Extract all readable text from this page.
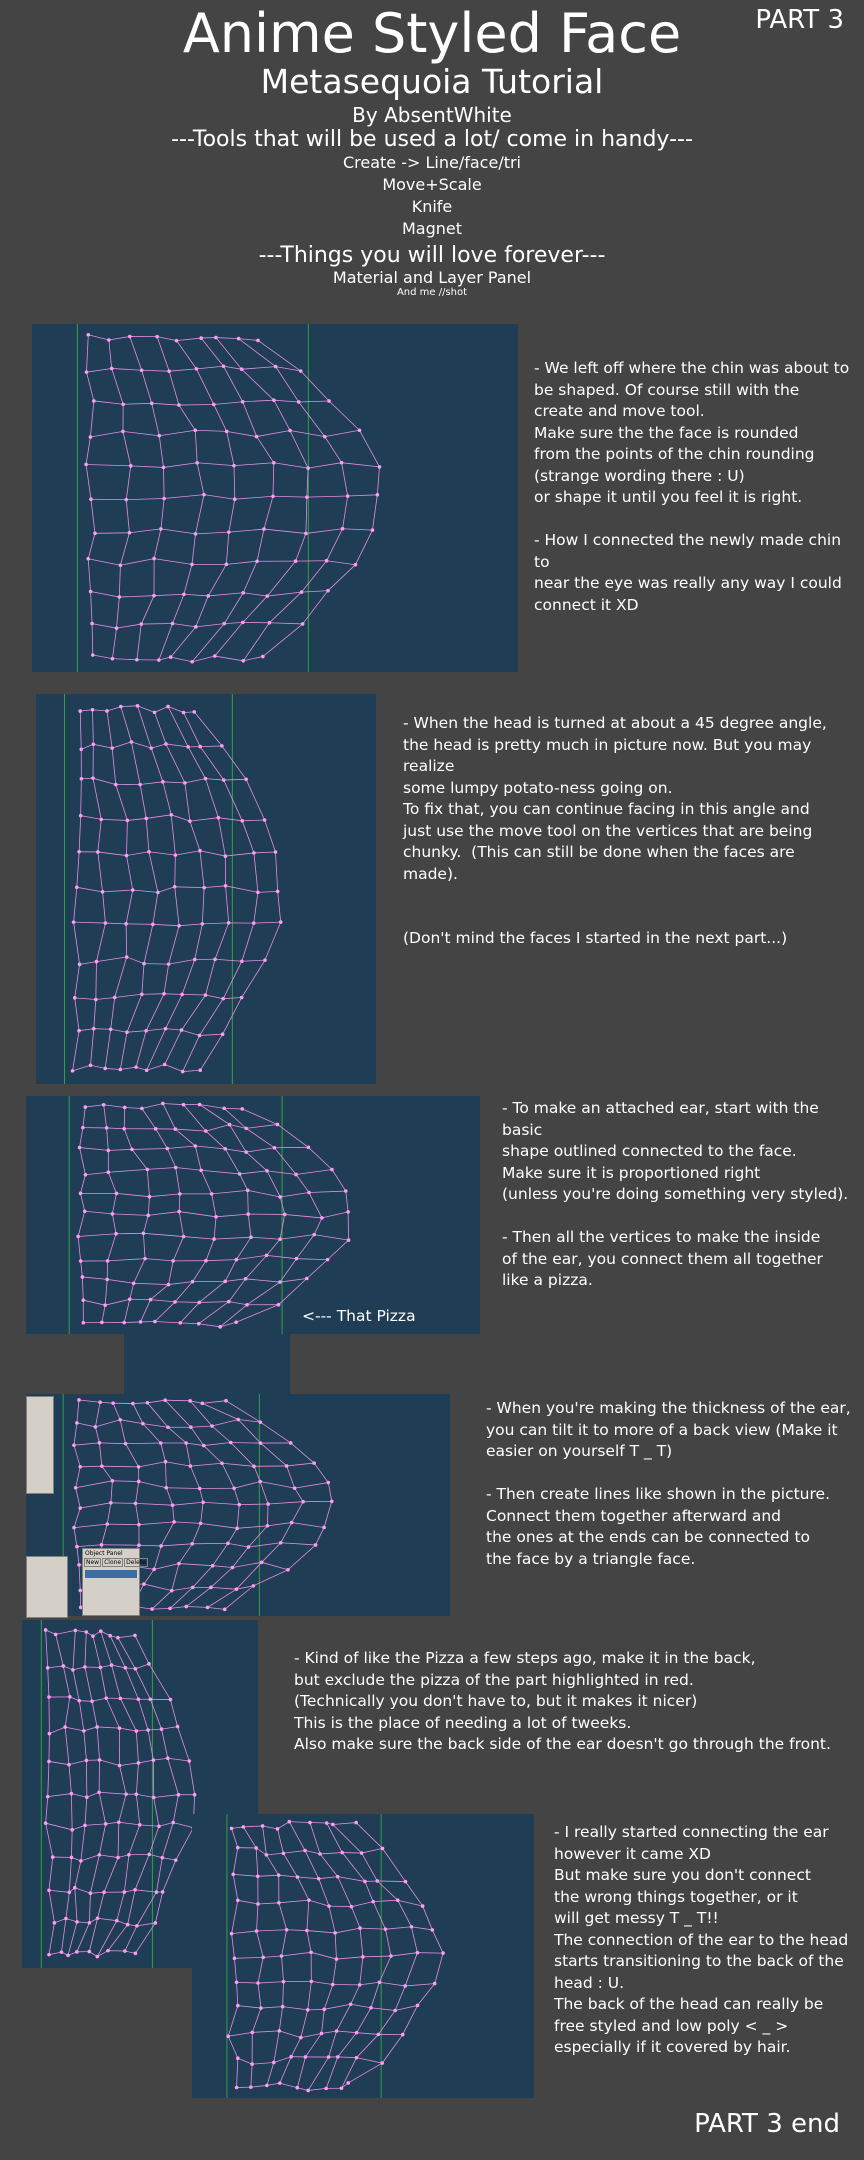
Anime Styled Face	PART 3
Metasequoia Tutorial
By AbsentWhite
---Tools that will be used a lot/ come in handy---
Create -> Line/face/tri
Move+Scale
Knife
Magnet
---Things you will love forever---
Material and Layer Panel
And me //shot
- We left off where the chin was about to
be shaped. Of course still with the
create and move tool.
Make sure the the face is rounded
from the points of the chin rounding
(strange wording there : U)
or shape it until you feel it is right.

- How I connected the newly made chin to
near the eye was really any way I could
connect it XD
- When the head is turned at about a 45 degree angle,
the head is pretty much in picture now. But you may realize
some lumpy potato-ness going on.
To fix that, you can continue facing in this angle and
just use the move tool on the vertices that are being
chunky.  (This can still be done when the faces are
made).

(Don't mind the faces I started in the next part...)
<--- That Pizza
- To make an attached ear, start with the basic
shape outlined connected to the face.
Make sure it is proportioned right
(unless you're doing something very styled).

- Then all the vertices to make the inside
of the ear, you connect them all together
like a pizza.
Object Panel
New Clone Delete
- When you're making the thickness of the ear,
you can tilt it to more of a back view (Make it
easier on yourself T _ T)

- Then create lines like shown in the picture.
Connect them together afterward and
the ones at the ends can be connected to
the face by a triangle face.
- Kind of like the Pizza a few steps ago, make it in the back,
but exclude the pizza of the part highlighted in red.
(Technically you don't have to, but it makes it nicer)
This is the place of needing a lot of tweeks.
Also make sure the back side of the ear doesn't go through the front.
- I really started connecting the ear
however it came XD
But make sure you don't connect
the wrong things together, or it
will get messy T _ T!!
The connection of the ear to the head
starts transitioning to the back of the
head : U.
The back of the head can really be
free styled and low poly < _ >
especially if it covered by hair.
PART 3 end
